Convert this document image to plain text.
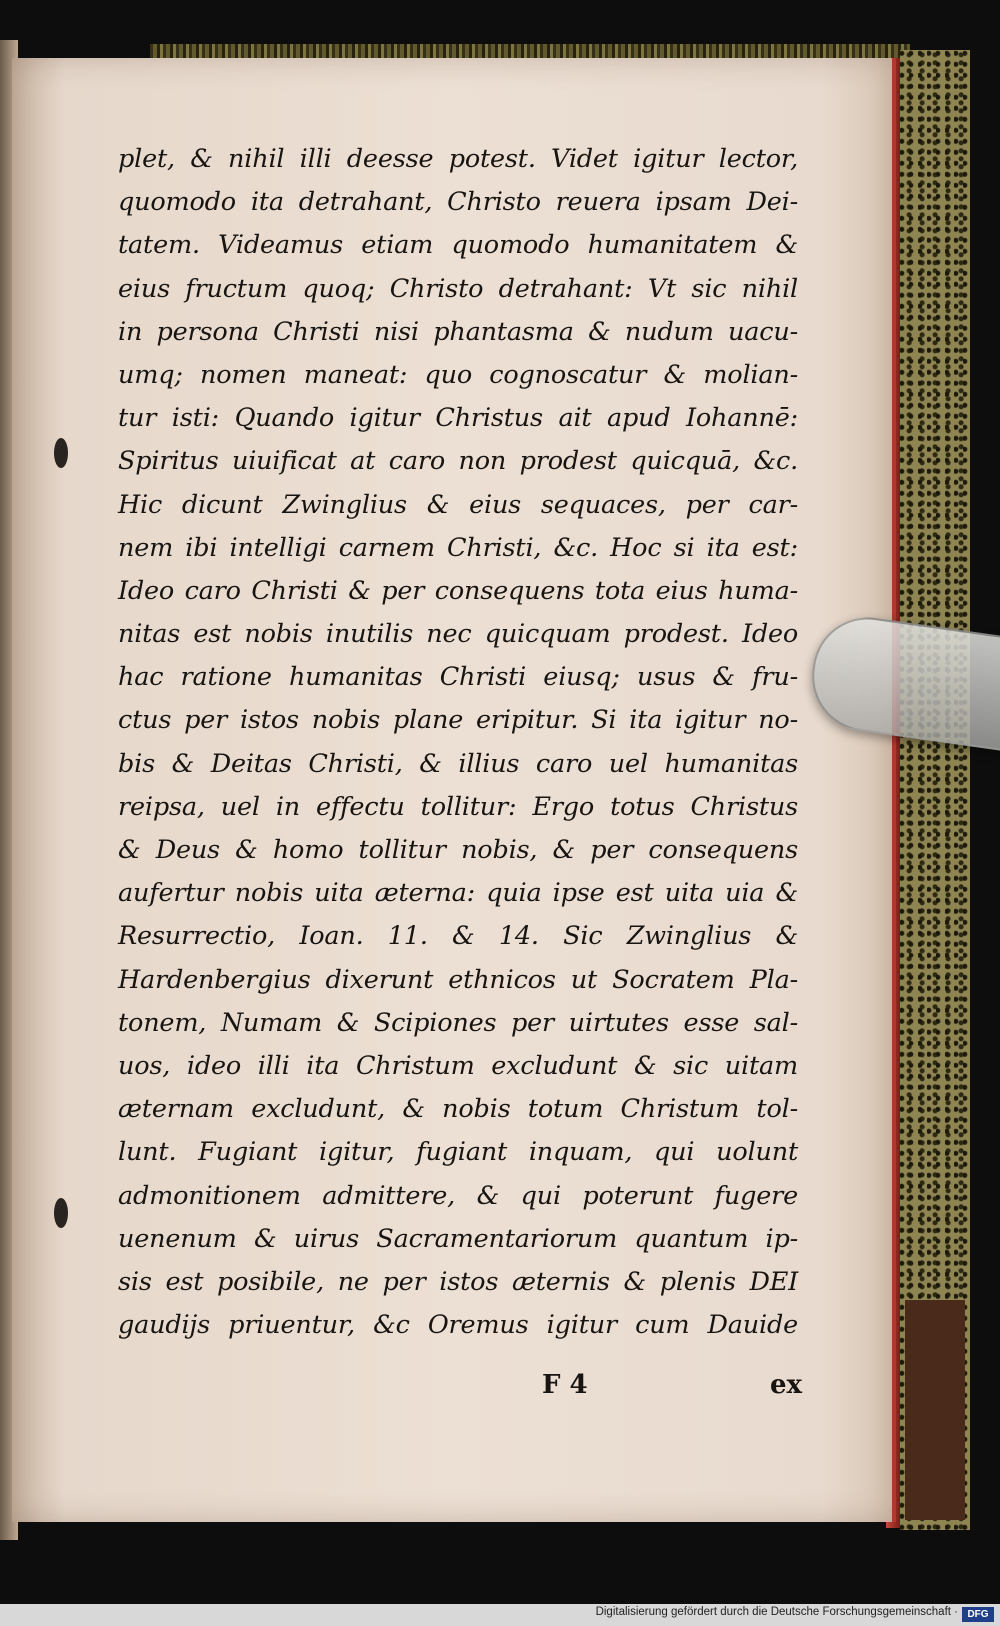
plet, & nihil illi deesse potest. Videt igitur lector,
quomodo ita detrahant, Christo reuera ipsam Dei-
tatem. Videamus etiam quomodo humanitatem &
eius fructum quoq; Christo detrahant: Vt sic nihil
in persona Christi nisi phantasma & nudum uacu-
umq; nomen maneat: quo cognoscatur & molian-
tur isti: Quando igitur Christus ait apud Iohannē:
Spiritus uiuificat at caro non prodest quicquā, &c.
Hic dicunt Zwinglius & eius sequaces, per car-
nem ibi intelligi carnem Christi, &c. Hoc si ita est:
Ideo caro Christi & per consequens tota eius huma-
nitas est nobis inutilis nec quicquam prodest. Ideo
hac ratione humanitas Christi eiusq; usus & fru-
ctus per istos nobis plane eripitur. Si ita igitur no-
bis & Deitas Christi, & illius caro uel humanitas
reipsa, uel in effectu tollitur: Ergo totus Christus
& Deus & homo tollitur nobis, & per consequens
aufertur nobis uita æterna: quia ipse est uita uia &
Resurrectio, Ioan. 11. & 14. Sic Zwinglius &
Hardenbergius dixerunt ethnicos ut Socratem Pla-
tonem, Numam & Scipiones per uirtutes esse sal-
uos, ideo illi ita Christum excludunt & sic uitam
æternam excludunt, & nobis totum Christum tol-
lunt. Fugiant igitur, fugiant inquam, qui uolunt
admonitionem admittere, & qui poterunt fugere
uenenum & uirus Sacramentariorum quantum ip-
sis est posibile, ne per istos æternis & plenis DEI
gaudijs priuentur, &c Oremus igitur cum Dauide
F 4	ex
Digitalisierung gefördert durch die Deutsche Forschungsgemeinschaft · DFG
